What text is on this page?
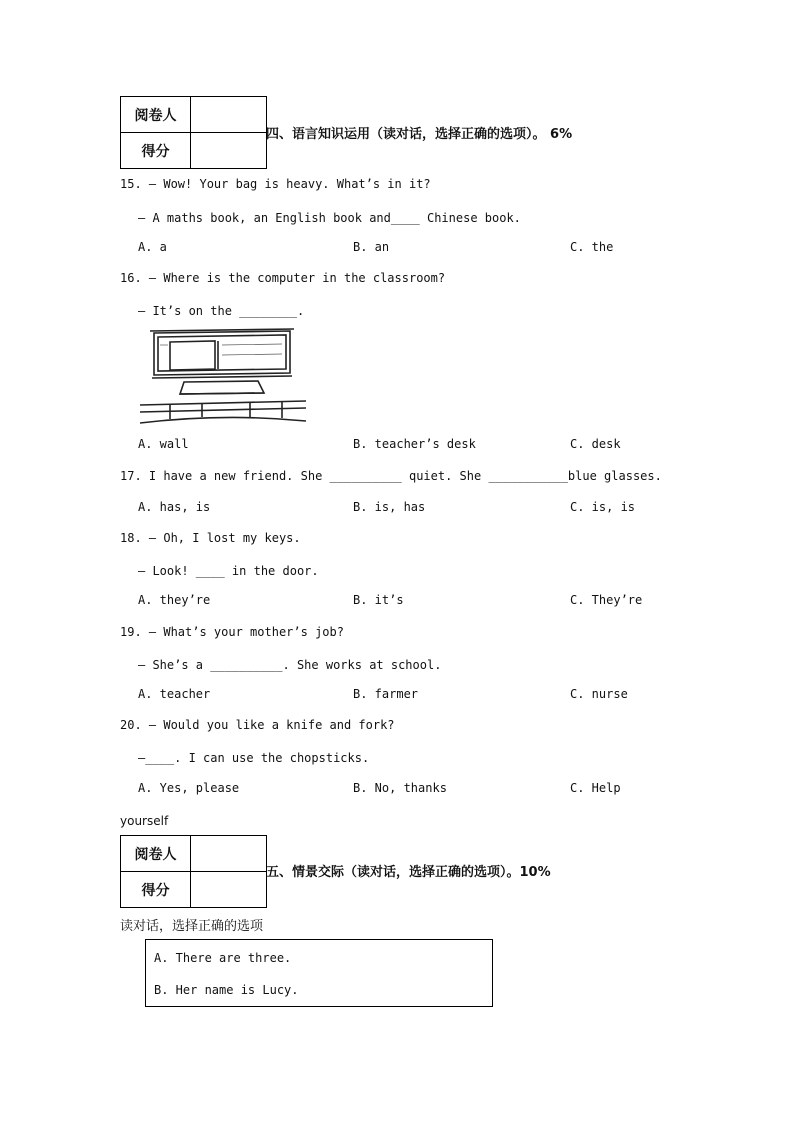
阅卷人	
得分	
四、语言知识运用（读对话，选择正确的选项）。 6%
15. — Wow! Your bag is heavy. What’s in it?
— A maths book, an English book and____ Chinese book.
A. a	B. an	C. the
16. — Where is the computer in the classroom?
— It’s on the ________.
A. wall	B. teacher’s desk	C. desk
17. I have a new friend. She __________ quiet. She ___________blue glasses.
A. has, is	B. is, has	C. is, is
18. — Oh, I lost my keys.
— Look! ____ in the door.
A. they’re	B. it’s	C. They’re
19. — What’s your mother’s job?
— She’s a __________. She works at school.
A. teacher	B. farmer	C. nurse
20. — Would you like a knife and fork?
—____. I can use the chopsticks.
A. Yes, please	B. No, thanks	C. Help
yourself
阅卷人	
得分	
五、情景交际（读对话，选择正确的选项）。10%
读对话，选择正确的选项
A. There are three.
B. Her name is Lucy.
